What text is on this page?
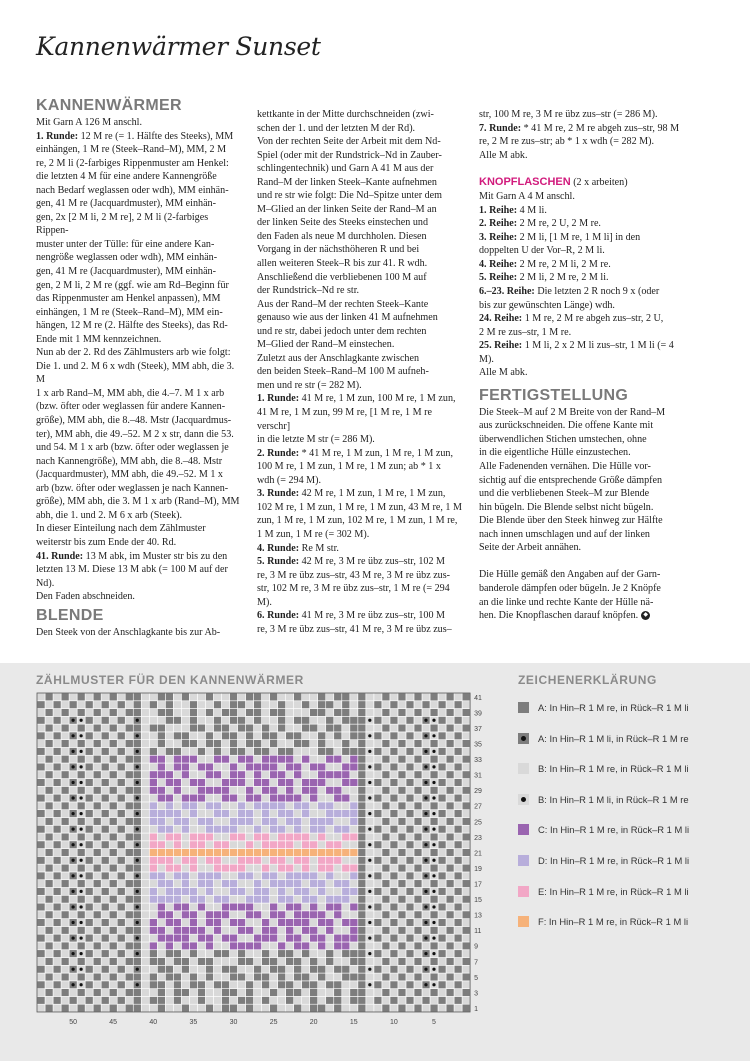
Kannenwärmer Sunset
KANNENWÄRMER

Mit Garn A 126 M anschl.

1. Runde: 12 M re (= 1. Hälfte des Steeks), MM

einhängen, 1 M re (Steek–Rand–M), MM, 2 M

re, 2 M li (2-farbiges Rippenmuster am Henkel:

die letzten 4 M für eine andere Kannengröße

nach Bedarf weglassen oder wdh), MM einhän-

gen, 41 M re (Jacquardmuster), MM einhän-

gen, 2x [2 M li, 2 M re], 2 M li (2-farbiges Rippen-

muster unter der Tülle: für eine andere Kan-

nengröße weglassen oder wdh), MM einhän-

gen, 41 M re (Jacquardmuster), MM einhän-

gen, 2 M li, 2 M re (ggf. wie am Rd–Beginn für

das Rippenmuster am Henkel anpassen), MM

einhängen, 1 M re (Steek–Rand–M), MM ein-

hängen, 12 M re (2. Hälfte des Steeks), das Rd-

Ende mit 1 MM kennzeichnen.

Nun ab der 2. Rd des Zählmusters arb wie folgt:

Die 1. und 2. M 6 x wdh (Steek), MM abh, die 3. M

1 x arb Rand–M, MM abh, die 4.–7. M 1 x arb

(bzw. öfter oder weglassen für andere Kannen-

größe), MM abh, die 8.–48. Mstr (Jacquardmus-

ter), MM abh, die 49.–52. M 2 x str, dann die 53.

und 54. M 1 x arb (bzw. öfter oder weglassen je

nach Kannengröße), MM abh, die 8.–48. Mstr

(Jacquardmuster), MM abh, die 49.–52. M 1 x

arb (bzw. öfter oder weglassen je nach Kannen-

größe), MM abh, die 3. M 1 x arb (Rand–M), MM

abh, die 1. und 2. M 6 x arb (Steek).

In dieser Einteilung nach dem Zählmuster

weiterstr bis zum Ende der 40. Rd.

41. Runde: 13 M abk, im Muster str bis zu den

letzten 13 M. Diese 13 M abk (= 100 M auf der Nd).

Den Faden abschneiden.

BLENDE

Den Steek von der Anschlagkante bis zur Ab-

kettkante in der Mitte durchschneiden (zwi-

schen der 1. und der letzten M der Rd).

Von der rechten Seite der Arbeit mit dem Nd-

Spiel (oder mit der Rundstrick–Nd in Zauber-

schlingentechnik) und Garn A 41 M aus der

Rand–M der linken Steek–Kante aufnehmen

und re str wie folgt: Die Nd–Spitze unter dem

M–Glied an der linken Seite der Rand–M an

der linken Seite des Steeks einstechen und

den Faden als neue M durchholen. Diesen

Vorgang in der nächsthöheren R und bei

allen weiteren Steek–R bis zur 41. R wdh.

Anschließend die verbliebenen 100 M auf

der Rundstrick–Nd re str.

Aus der Rand–M der rechten Steek–Kante

genauso wie aus der linken 41 M aufnehmen

und re str, dabei jedoch unter dem rechten

M–Glied der Rand–M einstechen.

Zuletzt aus der Anschlagkante zwischen

den beiden Steek–Rand–M 100 M aufneh-

men und re str (= 282 M).

1. Runde: 41 M re, 1 M zun, 100 M re, 1 M zun,

41 M re, 1 M zun, 99 M re, [1 M re, 1 M re verschr]

in die letzte M str (= 286 M).

2. Runde: * 41 M re, 1 M zun, 1 M re, 1 M zun,

100 M re, 1 M zun, 1 M re, 1 M zun; ab * 1 x

wdh (= 294 M).

3. Runde: 42 M re, 1 M zun, 1 M re, 1 M zun,

102 M re, 1 M zun, 1 M re, 1 M zun, 43 M re, 1 M

zun, 1 M re, 1 M zun, 102 M re, 1 M zun, 1 M re,

1 M zun, 1 M re (= 302 M).

4. Runde: Re M str.

5. Runde: 42 M re, 3 M re übz zus–str, 102 M

re, 3 M re übz zus–str, 43 M re, 3 M re übz zus-

str, 102 M re, 3 M re übz zus–str, 1 M re (= 294 M).

6. Runde: 41 M re, 3 M re übz zus–str, 100 M

re, 3 M re übz zus–str, 41 M re, 3 M re übz zus–

str, 100 M re, 3 M re übz zus–str (= 286 M).

7. Runde: * 41 M re, 2 M re abgeh zus–str, 98 M

re, 2 M re zus–str; ab * 1 x wdh (= 282 M).

Alle M abk.

KNOPFLASCHEN (2 x arbeiten)

Mit Garn A 4 M anschl.

1. Reihe: 4 M li.

2. Reihe: 2 M re, 2 U, 2 M re.

3. Reihe: 2 M li, [1 M re, 1 M li] in den

doppelten U der Vor–R, 2 M li.

4. Reihe: 2 M re, 2 M li, 2 M re.

5. Reihe: 2 M li, 2 M re, 2 M li.

6.–23. Reihe: Die letzten 2 R noch 9 x (oder

bis zur gewünschten Länge) wdh.

24. Reihe: 1 M re, 2 M re abgeh zus–str, 2 U,

2 M re zus–str, 1 M re.

25. Reihe: 1 M li, 2 x 2 M li zus–str, 1 M li (= 4 M).

Alle M abk.

FERTIGSTELLUNG

Die Steek–M auf 2 M Breite von der Rand–M

aus zurückschneiden. Die offene Kante mit

überwendlichen Stichen umstechen, ohne

in die eigentliche Hülle einzustechen.

Alle Fadenenden vernähen. Die Hülle vor-

sichtig auf die entsprechende Größe dämpfen

und die verbliebenen Steek–M zur Blende

hin bügeln. Die Blende selbst nicht bügeln.

Die Blende über den Steek hinweg zur Hälfte

nach innen umschlagen und auf der linken

Seite der Arbeit annähen.

Die Hülle gemäß den Angaben auf der Garn-

banderole dämpfen oder bügeln. Je 2 Knöpfe

an die linke und rechte Kante der Hülle nä-

hen. Die Knopflaschen darauf knöpfen. ◆

ZÄHLMUSTER FÜR DEN KANNENWÄRMER	ZEICHENERKLÄRUNG
1
3
5
7
9
11
13
15
17
19
21
23
25
27
29
31
33
35
37
39
41
50	45	40	35	30	25	20	15	10	5
A: In Hin–R 1 M re, in Rück–R 1 M li
A: In Hin–R 1 M li, in Rück–R 1 M re
B: In Hin–R 1 M re, in Rück–R 1 M li
B: In Hin–R 1 M li, in Rück–R 1 M re
C: In Hin–R 1 M re, in Rück–R 1 M li
D: In Hin–R 1 M re, in Rück–R 1 M li
E: In Hin–R 1 M re, in Rück–R 1 M li
F: In Hin–R 1 M re, in Rück–R 1 M li
